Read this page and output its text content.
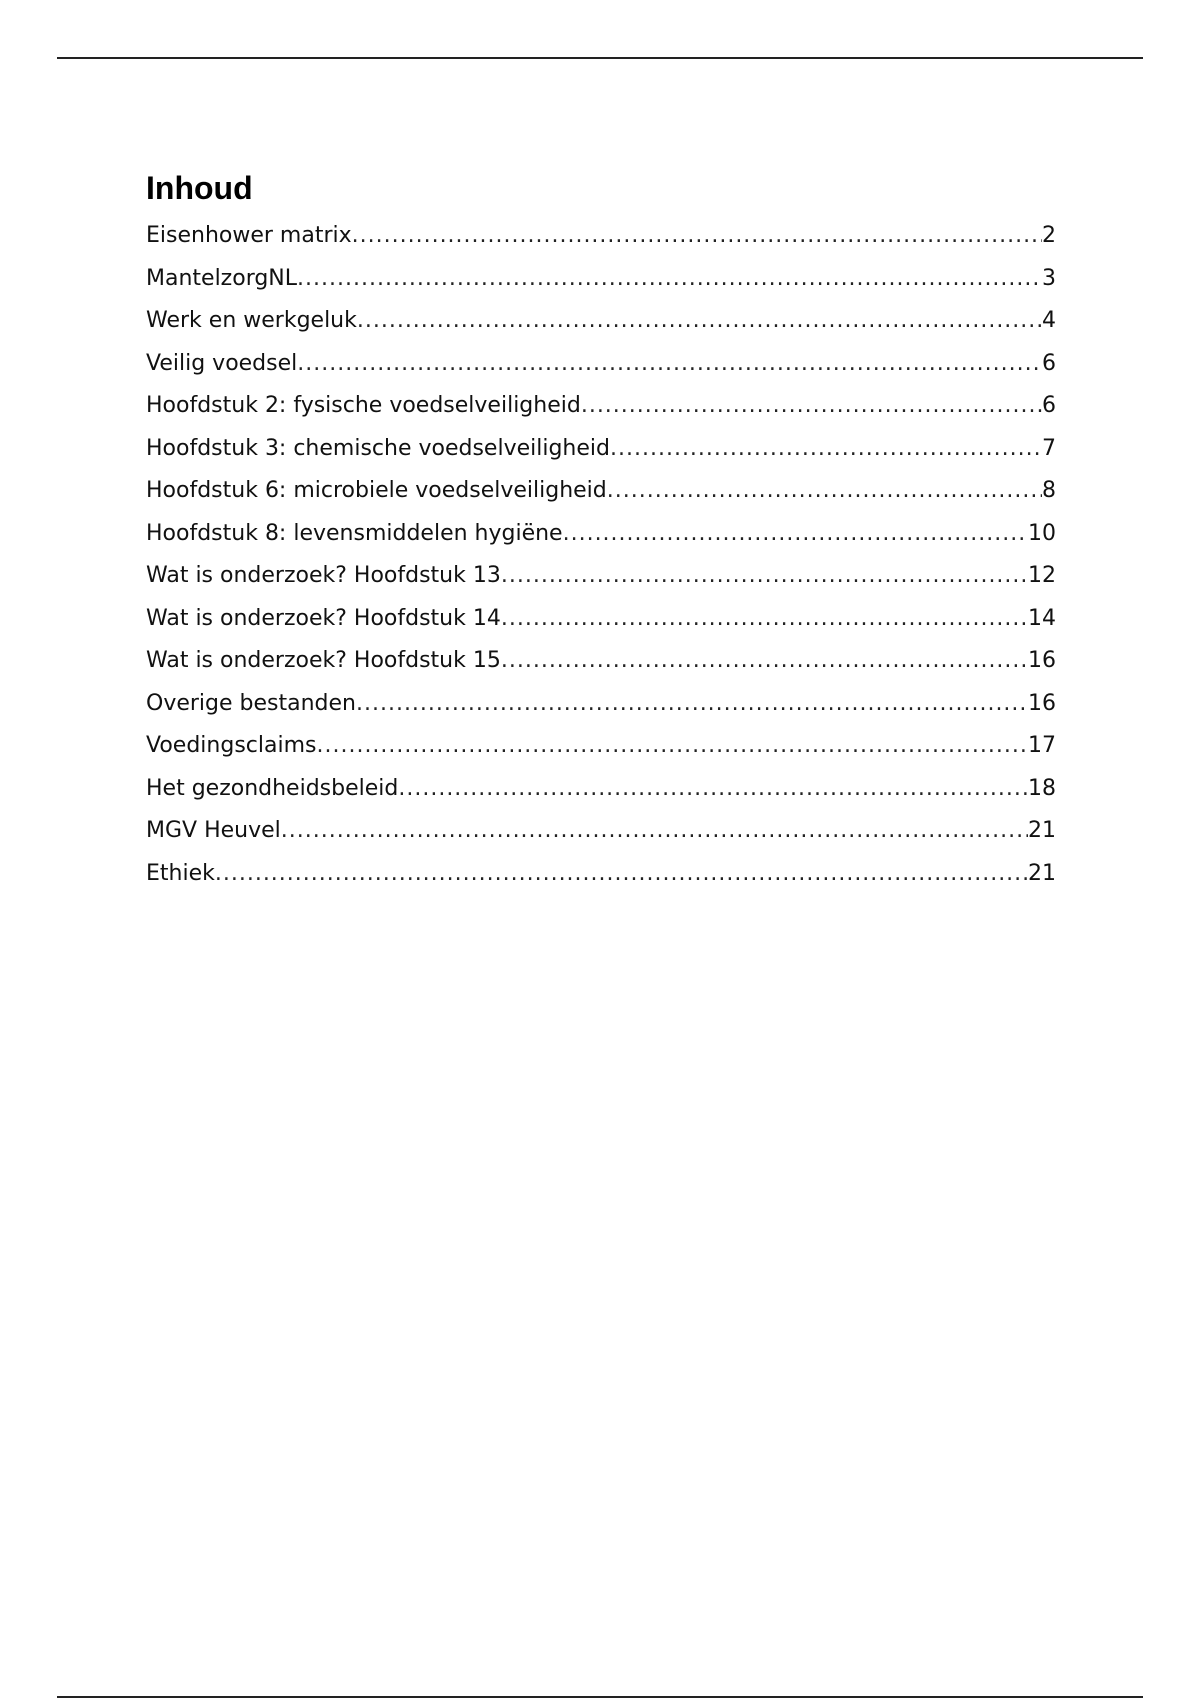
Inhoud
Eisenhower matrix .....	2
MantelzorgNL .....	3
Werk en werkgeluk .....	4
Veilig voedsel .....	6
Hoofdstuk 2: fysische voedselveiligheid .....	6
Hoofdstuk 3: chemische voedselveiligheid .....	7
Hoofdstuk 6: microbiele voedselveiligheid .....	8
Hoofdstuk 8: levensmiddelen hygiëne .....	10
Wat is onderzoek? Hoofdstuk 13 .....	12
Wat is onderzoek? Hoofdstuk 14 .....	14
Wat is onderzoek? Hoofdstuk 15 .....	16
Overige bestanden .....	16
Voedingsclaims .....	17
Het gezondheidsbeleid .....	18
MGV Heuvel .....	21
Ethiek .....	21
